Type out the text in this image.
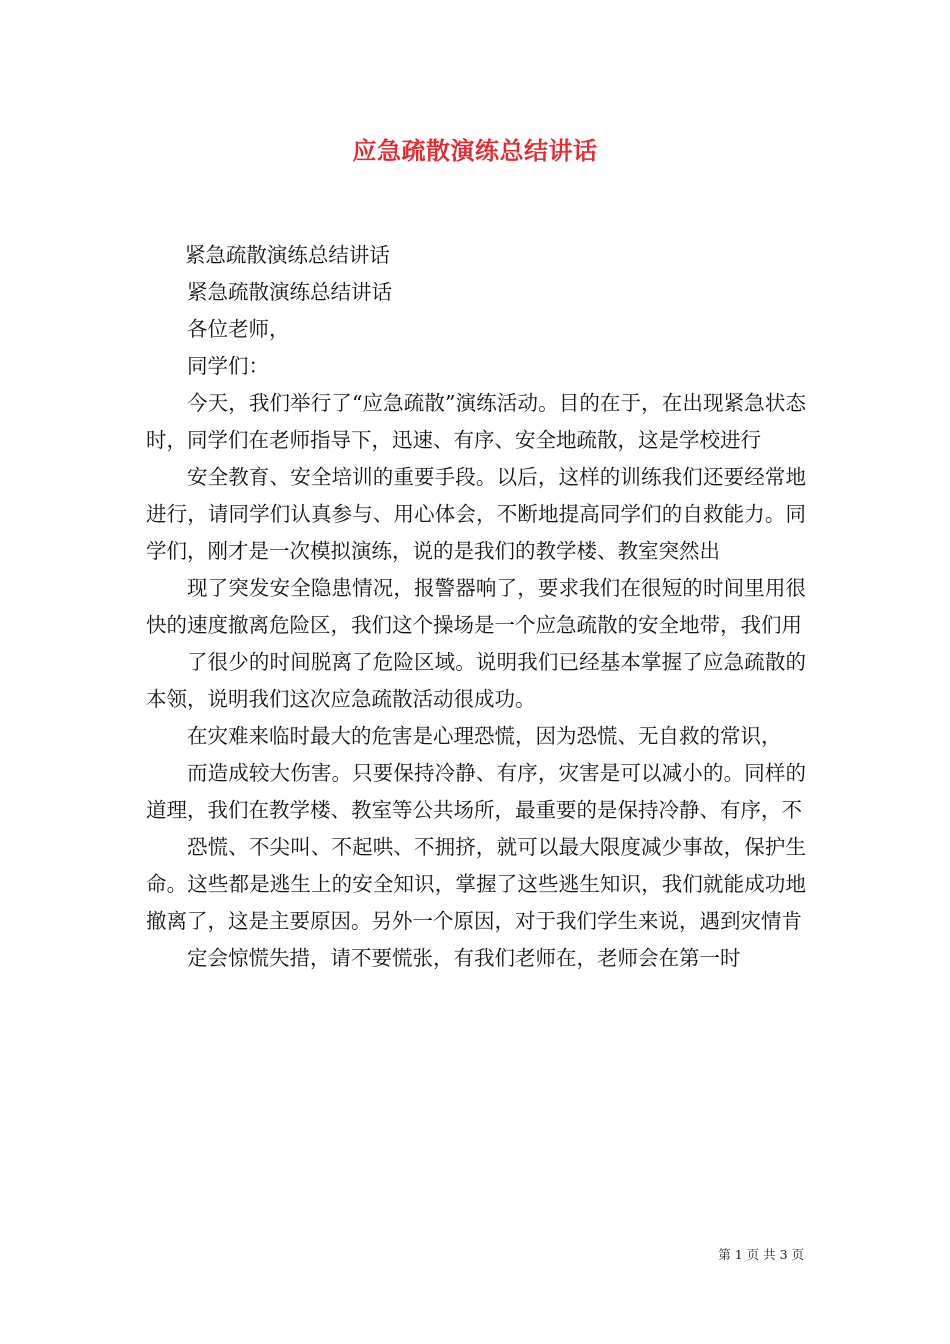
应急疏散演练总结讲话

紧急疏散演练总结讲话

紧急疏散演练总结讲话

各位老师，

同学们：

今天，我们举行了“应急疏散”演练活动。目的在于，在出现紧急状态时，同学们在老师指导下，迅速、有序、安全地疏散，这是学校进行

安全教育、安全培训的重要手段。以后，这样的训练我们还要经常地进行，请同学们认真参与、用心体会，不断地提高同学们的自救能力。同学们，刚才是一次模拟演练，说的是我们的教学楼、教室突然出

现了突发安全隐患情况，报警器响了，要求我们在很短的时间里用很快的速度撤离危险区，我们这个操场是一个应急疏散的安全地带，我们用

了很少的时间脱离了危险区域。说明我们已经基本掌握了应急疏散的本领，说明我们这次应急疏散活动很成功。

在灾难来临时最大的危害是心理恐慌，因为恐慌、无自救的常识，

而造成较大伤害。只要保持冷静、有序，灾害是可以减小的。同样的道理，我们在教学楼、教室等公共场所，最重要的是保持冷静、有序，不

恐慌、不尖叫、不起哄、不拥挤，就可以最大限度减少事故，保护生命。这些都是逃生上的安全知识，掌握了这些逃生知识，我们就能成功地撤离了，这是主要原因。另外一个原因，对于我们学生来说，遇到灾情肯

定会惊慌失措，请不要慌张，有我们老师在，老师会在第一时

第 1 页 共 3 页
